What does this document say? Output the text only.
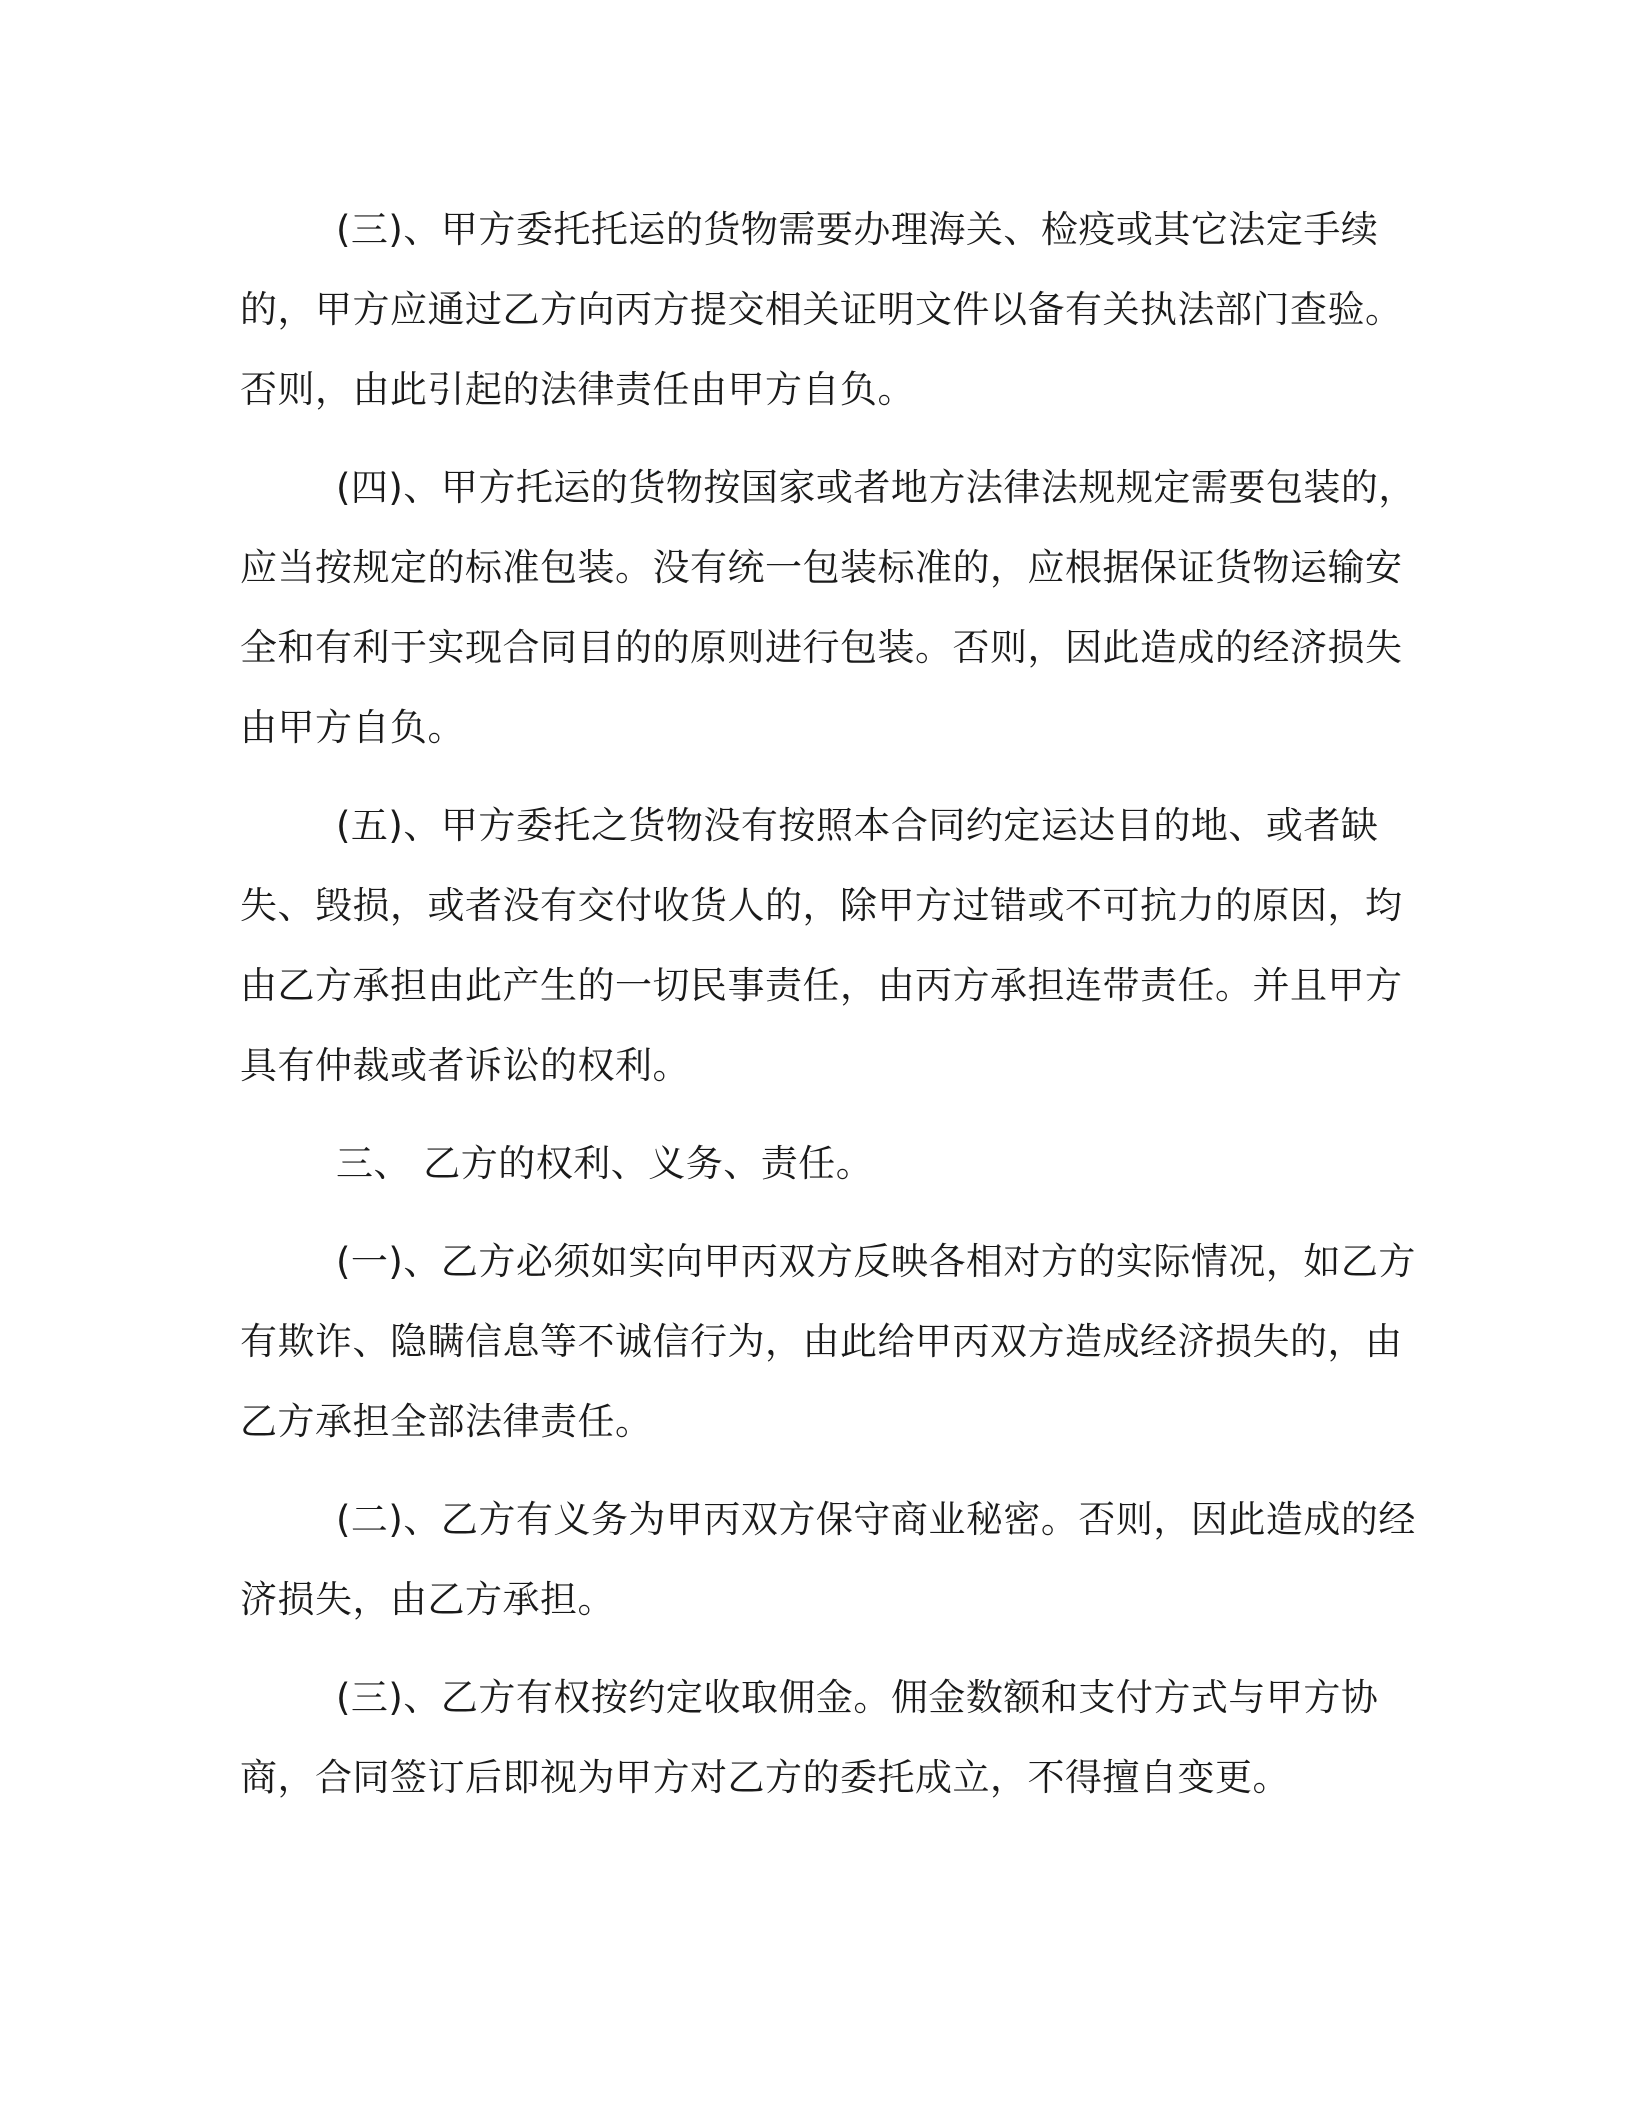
(三)、甲方委托托运的货物需要办理海关、检疫或其它法定手续的，甲方应通过乙方向丙方提交相关证明文件以备有关执法部门查验。否则，由此引起的法律责任由甲方自负。

(四)、甲方托运的货物按国家或者地方法律法规规定需要包装的，应当按规定的标准包装。没有统一包装标准的，应根据保证货物运输安全和有利于实现合同目的的原则进行包装。否则，因此造成的经济损失由甲方自负。

(五)、甲方委托之货物没有按照本合同约定运达目的地、或者缺失、毁损，或者没有交付收货人的，除甲方过错或不可抗力的原因，均由乙方承担由此产生的一切民事责任，由丙方承担连带责任。并且甲方具有仲裁或者诉讼的权利。

三、 乙方的权利、义务、责任。

(一)、乙方必须如实向甲丙双方反映各相对方的实际情况，如乙方有欺诈、隐瞒信息等不诚信行为，由此给甲丙双方造成经济损失的，由乙方承担全部法律责任。

(二)、乙方有义务为甲丙双方保守商业秘密。否则，因此造成的经济损失，由乙方承担。

(三)、乙方有权按约定收取佣金。佣金数额和支付方式与甲方协商，合同签订后即视为甲方对乙方的委托成立，不得擅自变更。
